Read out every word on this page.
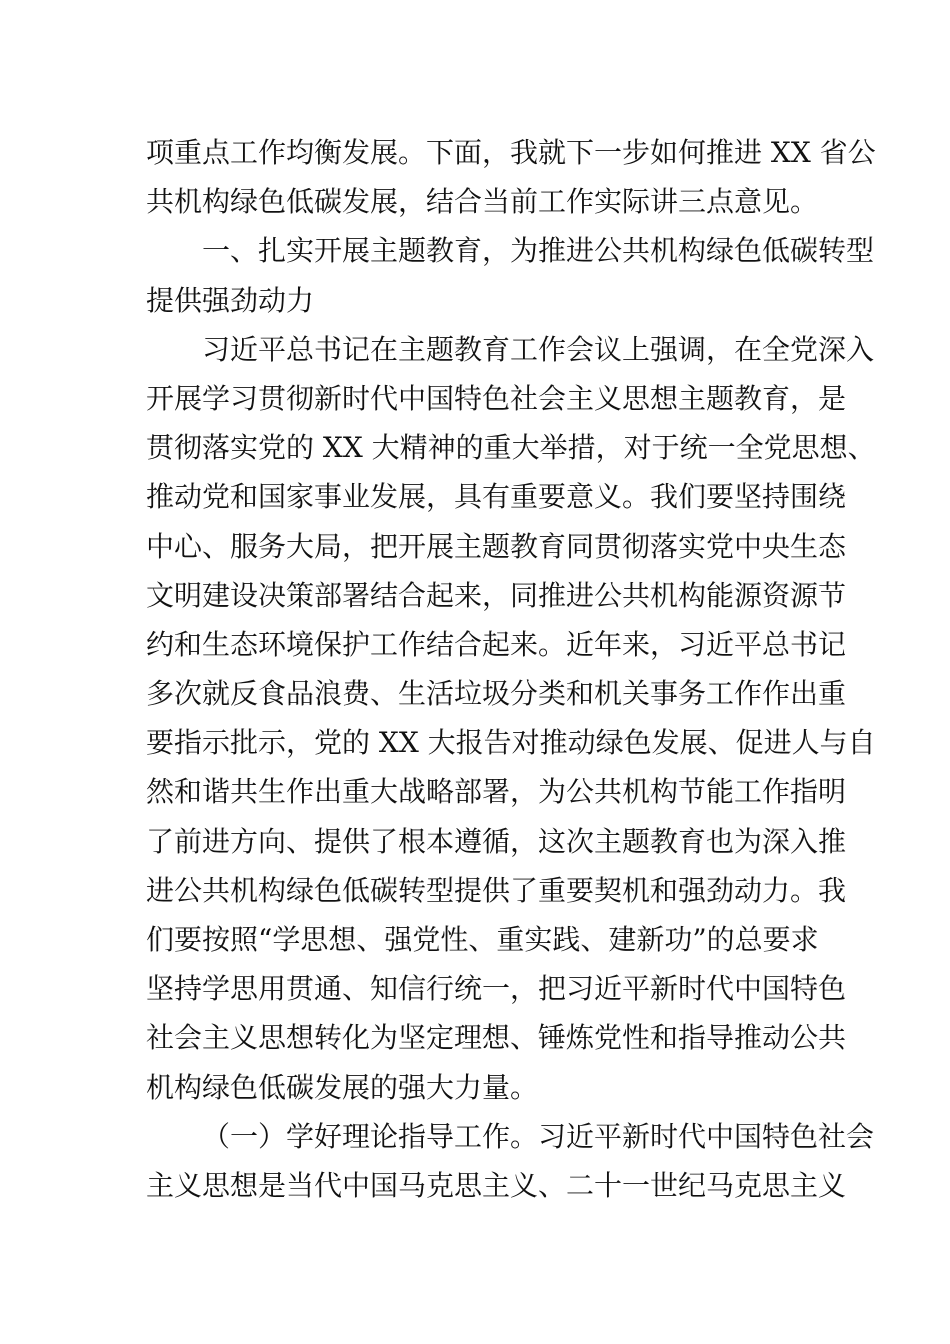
项重点工作均衡发展。下面，我就下一步如何推进 XX 省公
共机构绿色低碳发展，结合当前工作实际讲三点意见。
一、扎实开展主题教育，为推进公共机构绿色低碳转型
提供强劲动力
习近平总书记在主题教育工作会议上强调，在全党深入
开展学习贯彻新时代中国特色社会主义思想主题教育，是
贯彻落实党的 XX 大精神的重大举措，对于统一全党思想、
推动党和国家事业发展，具有重要意义。我们要坚持围绕
中心、服务大局，把开展主题教育同贯彻落实党中央生态
文明建设决策部署结合起来，同推进公共机构能源资源节
约和生态环境保护工作结合起来。近年来，习近平总书记
多次就反食品浪费、生活垃圾分类和机关事务工作作出重
要指示批示，党的 XX 大报告对推动绿色发展、促进人与自
然和谐共生作出重大战略部署，为公共机构节能工作指明
了前进方向、提供了根本遵循，这次主题教育也为深入推
进公共机构绿色低碳转型提供了重要契机和强劲动力。我
们要按照“学思想、强党性、重实践、建新功”的总要求
坚持学思用贯通、知信行统一，把习近平新时代中国特色
社会主义思想转化为坚定理想、锤炼党性和指导推动公共
机构绿色低碳发展的强大力量。
（一）学好理论指导工作。习近平新时代中国特色社会
主义思想是当代中国马克思主义、二十一世纪马克思主义
